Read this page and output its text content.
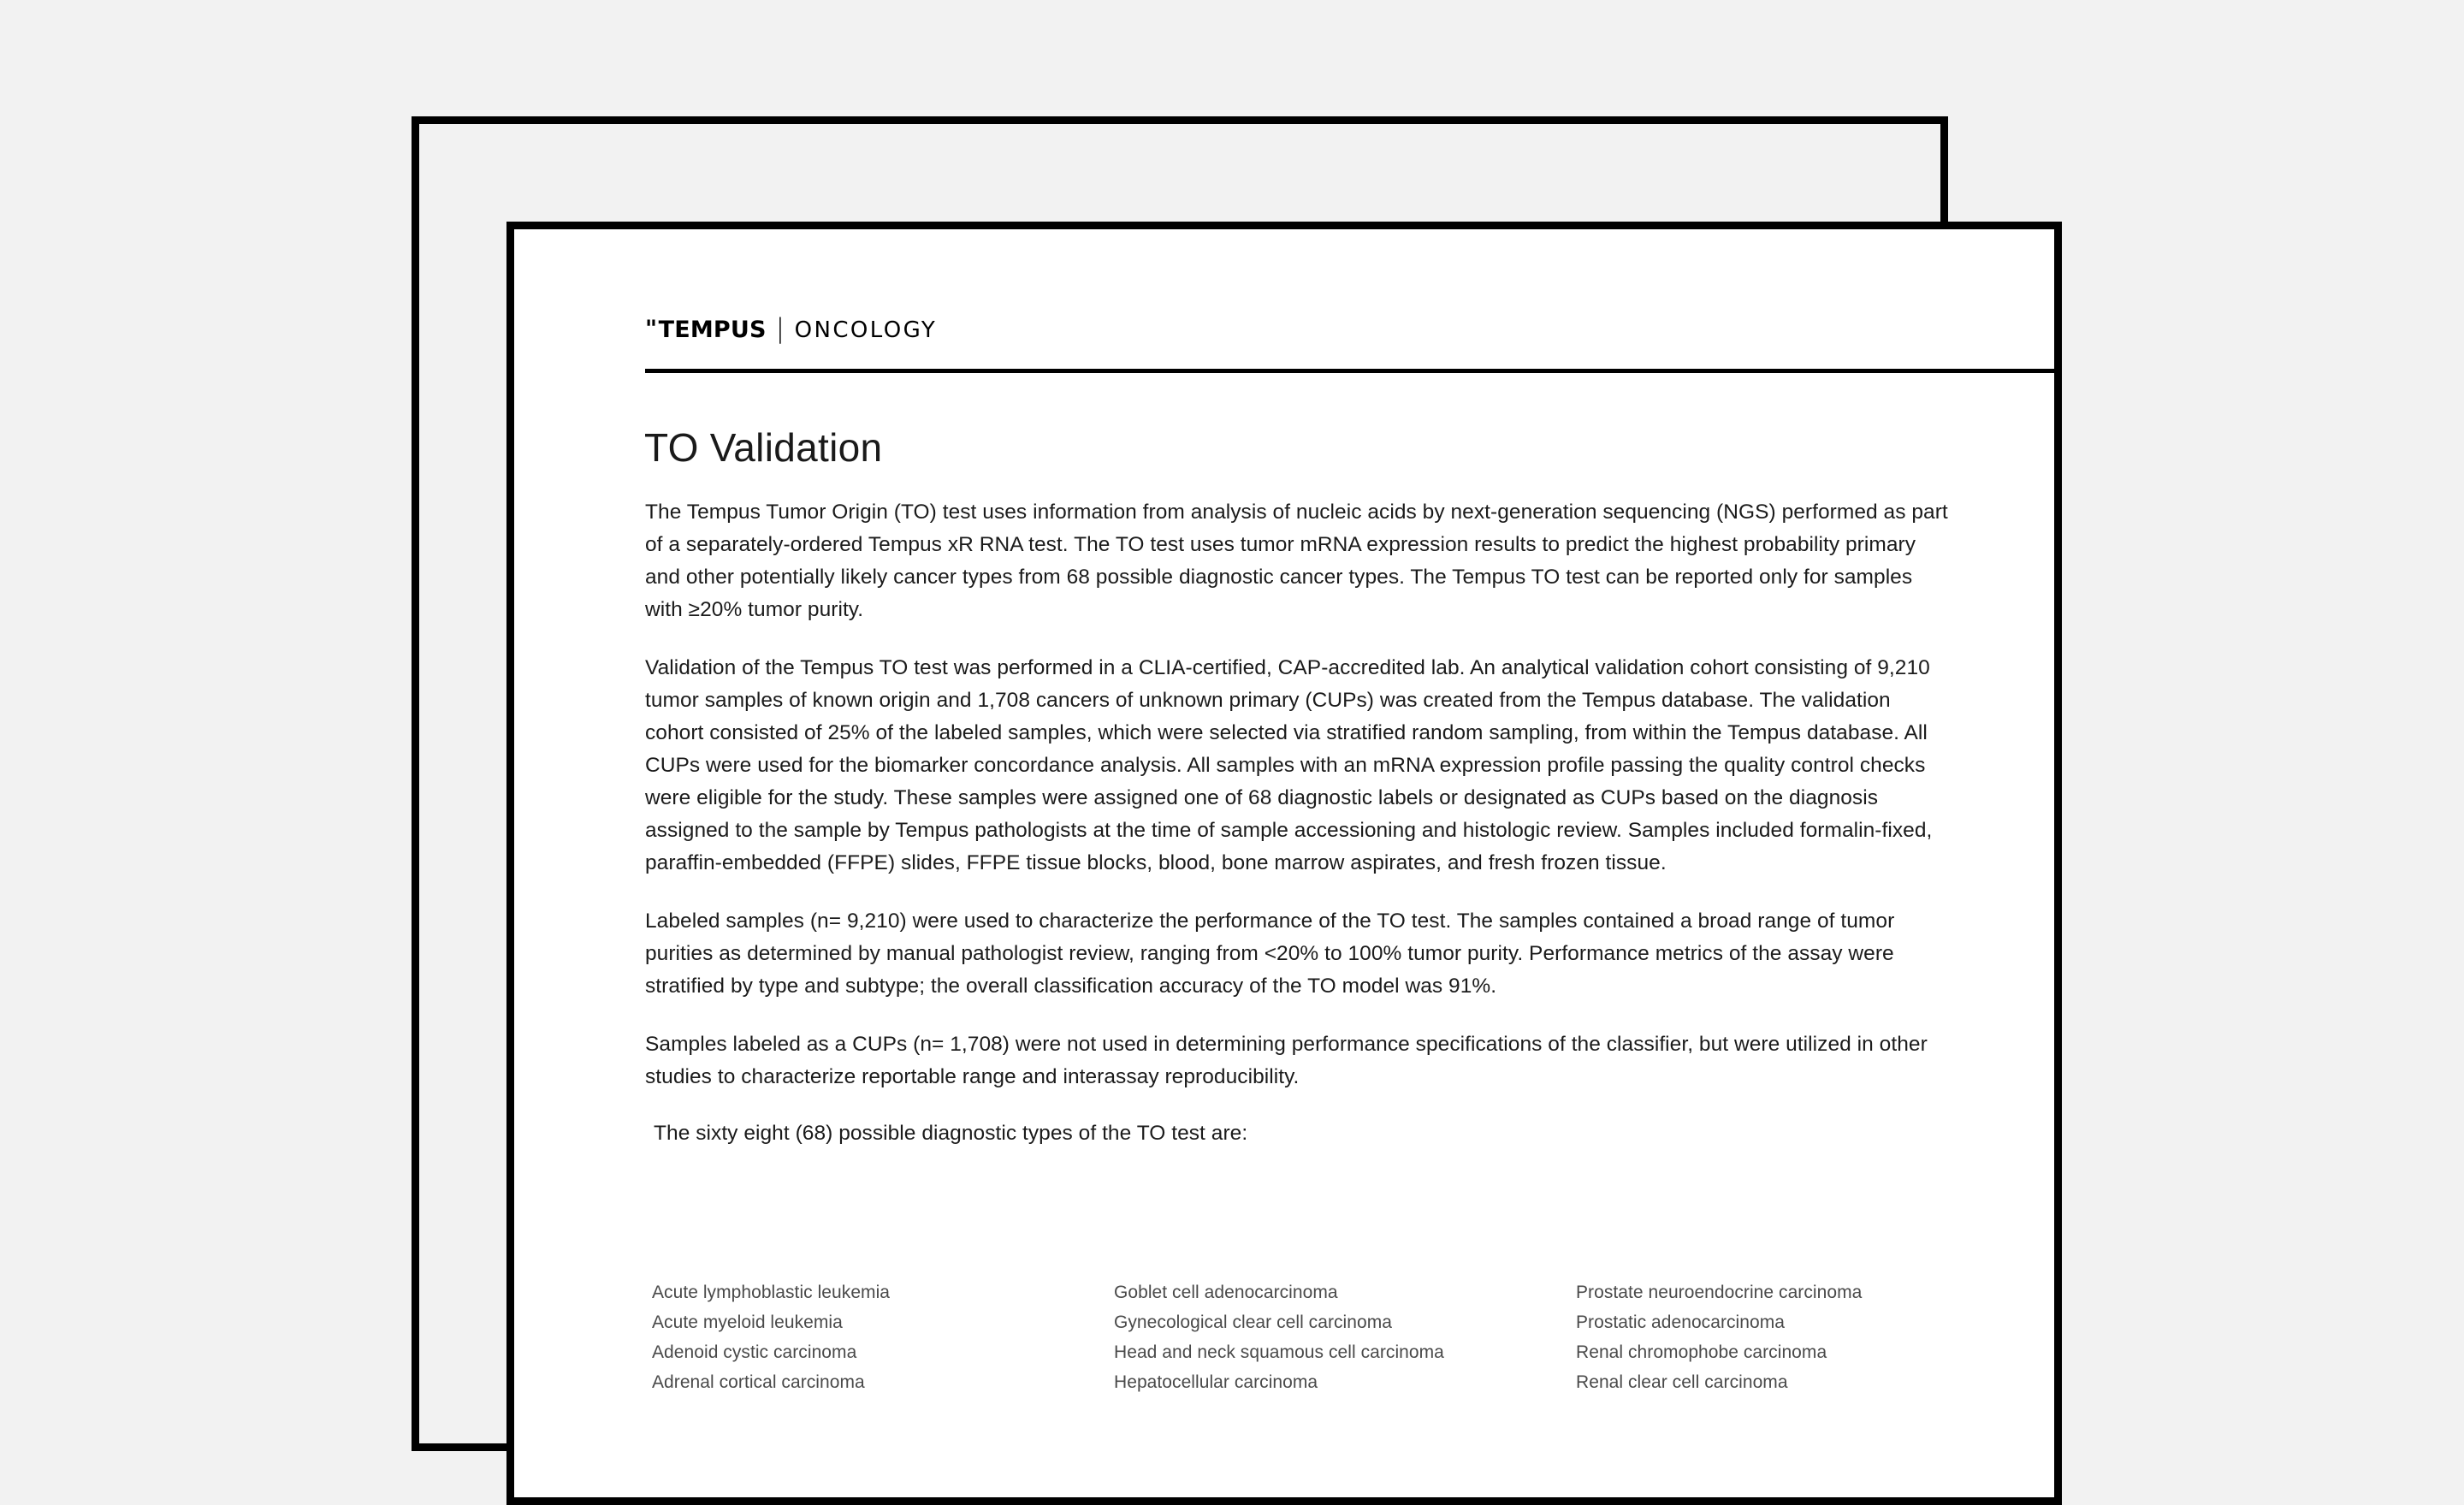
" TEMPUS | ONCOLOGY
TO Validation

The Tempus Tumor Origin (TO) test uses information from analysis of nucleic acids by next-generation sequencing (NGS) performed as part of a separately-ordered Tempus xR RNA test. The TO test uses tumor mRNA expression results to predict the highest probability primary and other potentially likely cancer types from 68 possible diagnostic cancer types. The Tempus TO test can be reported only for samples with ≥20% tumor purity.

Validation of the Tempus TO test was performed in a CLIA-certified, CAP-accredited lab. An analytical validation cohort consisting of 9,210 tumor samples of known origin and 1,708 cancers of unknown primary (CUPs) was created from the Tempus database. The validation cohort consisted of 25% of the labeled samples, which were selected via stratified random sampling, from within the Tempus database. All CUPs were used for the biomarker concordance analysis. All samples with an mRNA expression profile passing the quality control checks were eligible for the study. These samples were assigned one of 68 diagnostic labels or designated as CUPs based on the diagnosis assigned to the sample by Tempus pathologists at the time of sample accessioning and histologic review. Samples included formalin-fixed, paraffin-embedded (FFPE) slides, FFPE tissue blocks, blood, bone marrow aspirates, and fresh frozen tissue.

Labeled samples (n= 9,210) were used to characterize the performance of the TO test. The samples contained a broad range of tumor purities as determined by manual pathologist review, ranging from <20% to 100% tumor purity. Performance metrics of the assay were stratified by type and subtype; the overall classification accuracy of the TO model was 91%.

Samples labeled as a CUPs (n= 1,708) were not used in determining performance specifications of the classifier, but were utilized in other studies to characterize reportable range and interassay reproducibility.

The sixty eight (68) possible diagnostic types of the TO test are:

Acute lymphoblastic leukemia
Acute myeloid leukemia
Adenoid cystic carcinoma
Adrenal cortical carcinoma
Goblet cell adenocarcinoma
Gynecological clear cell carcinoma
Head and neck squamous cell carcinoma
Hepatocellular carcinoma
Prostate neuroendocrine carcinoma
Prostatic adenocarcinoma
Renal chromophobe carcinoma
Renal clear cell carcinoma
